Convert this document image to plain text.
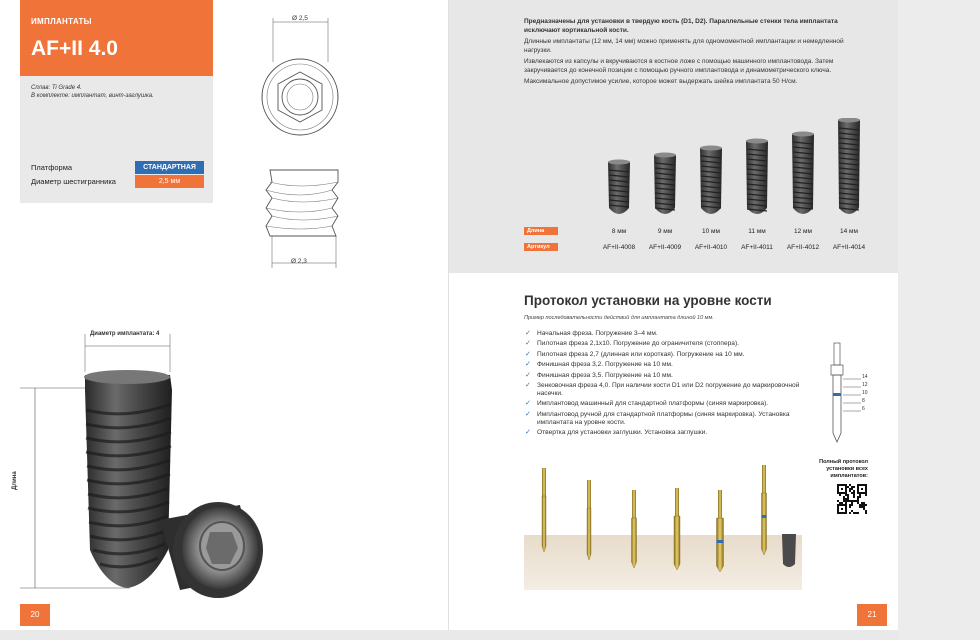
ИМПЛАНТАТЫ
AF+II 4.0
Сплав: Ti Grade 4.
В комплекте: имплантат, винт-заглушка.
Платформа	СТАНДАРТНАЯ
Диаметр шестигранника	2,5 мм
Ø 2,5
Ø 2,3
Диаметр имплантата: 4
Длина
20

Предназначены для установки в твердую кость (D1, D2). Параллельные стенки тела имплантата исключают кортикальной кости.

Длинные имплантаты (12 мм, 14 мм) можно применять для одномоментной имплантации и немедленной нагрузки.

Извлекаются из капсулы и вкручиваются в костное ложе с помощью машинного имплантовода. Затем закручивается до конечной позиции с помощью ручного имплантовода и динамометрического ключа.

Максимальное допустимое усилие, которое может выдержать шейка имплантата 50 Н/см.

Длина
Артикул
8 мм	9 мм	10 мм	11 мм	12 мм	14 мм
AF+II-4008	AF+II-4009	AF+II-4010	AF+II-4011	AF+II-4012	AF+II-4014
Протокол установки на уровне кости
Пример последовательности действий для имплантата длиной 10 мм.
✓ Начальная фреза. Погружение 3–4 мм.
✓ Пилотная фреза 2,1х10. Погружение до ограничителя (стоппера).
✓ Пилотная фреза 2,7 (длинная или короткая). Погружение на 10 мм.
✓ Финишная фреза 3,2. Погружение на 10 мм.
✓ Финишная фреза 3,5. Погружение на 10 мм.
✓ Зенковочная фреза 4,0. При наличии кости D1 или D2 погружение до маркировочной насечки.
✓ Имплантовод машинный для стандартной платформы (синяя маркировка).
✓ Имплантовод ручной для стандартной платформы (синяя маркировка). Установка имплантата на уровне кости.
✓ Отвертка для установки заглушки. Установка заглушки.
14
12
10
8
6
Полный протокол установки всех имплантатов:
21
